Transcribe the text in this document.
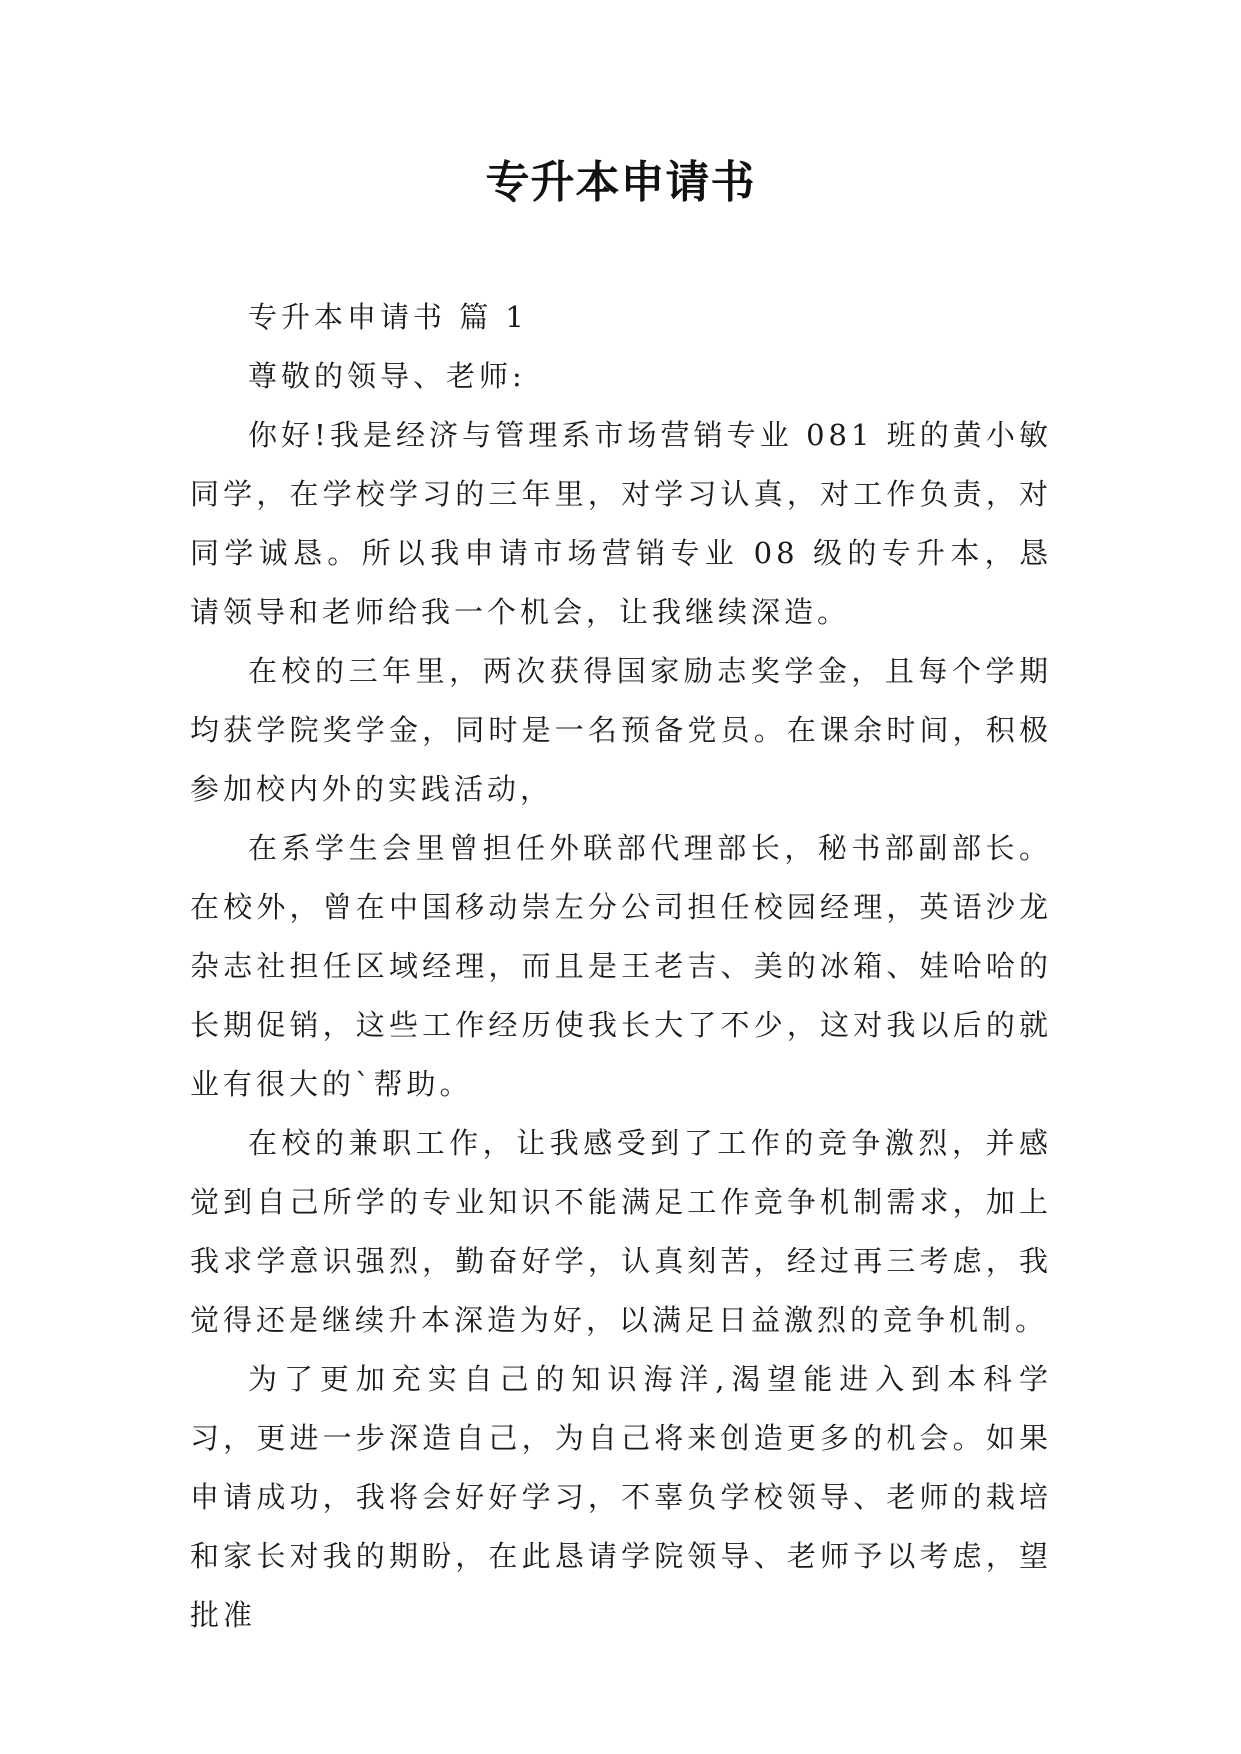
专升本申请书

专升本申请书 篇 1

尊敬的领导、老师:

你好!我是经济与管理系市场营销专业 081 班的黄小敏同学，在学校学习的三年里，对学习认真，对工作负责，对同学诚恳。所以我申请市场营销专业 08 级的专升本，恳请领导和老师给我一个机会，让我继续深造。

在校的三年里，两次获得国家励志奖学金，且每个学期均获学院奖学金，同时是一名预备党员。在课余时间，积极参加校内外的实践活动，

在系学生会里曾担任外联部代理部长，秘书部副部长。在校外，曾在中国移动崇左分公司担任校园经理，英语沙龙杂志社担任区域经理，而且是王老吉、美的冰箱、娃哈哈的长期促销，这些工作经历使我长大了不少，这对我以后的就业有很大的`帮助。

在校的兼职工作，让我感受到了工作的竞争激烈，并感觉到自己所学的专业知识不能满足工作竞争机制需求，加上我求学意识强烈，勤奋好学，认真刻苦，经过再三考虑，我觉得还是继续升本深造为好，以满足日益激烈的竞争机制。

为了更加充实自己的知识海洋,渴望能进入到本科学习，更进一步深造自己，为自己将来创造更多的机会。如果申请成功，我将会好好学习，不辜负学校领导、老师的栽培和家长对我的期盼，在此恳请学院领导、老师予以考虑，望批准
